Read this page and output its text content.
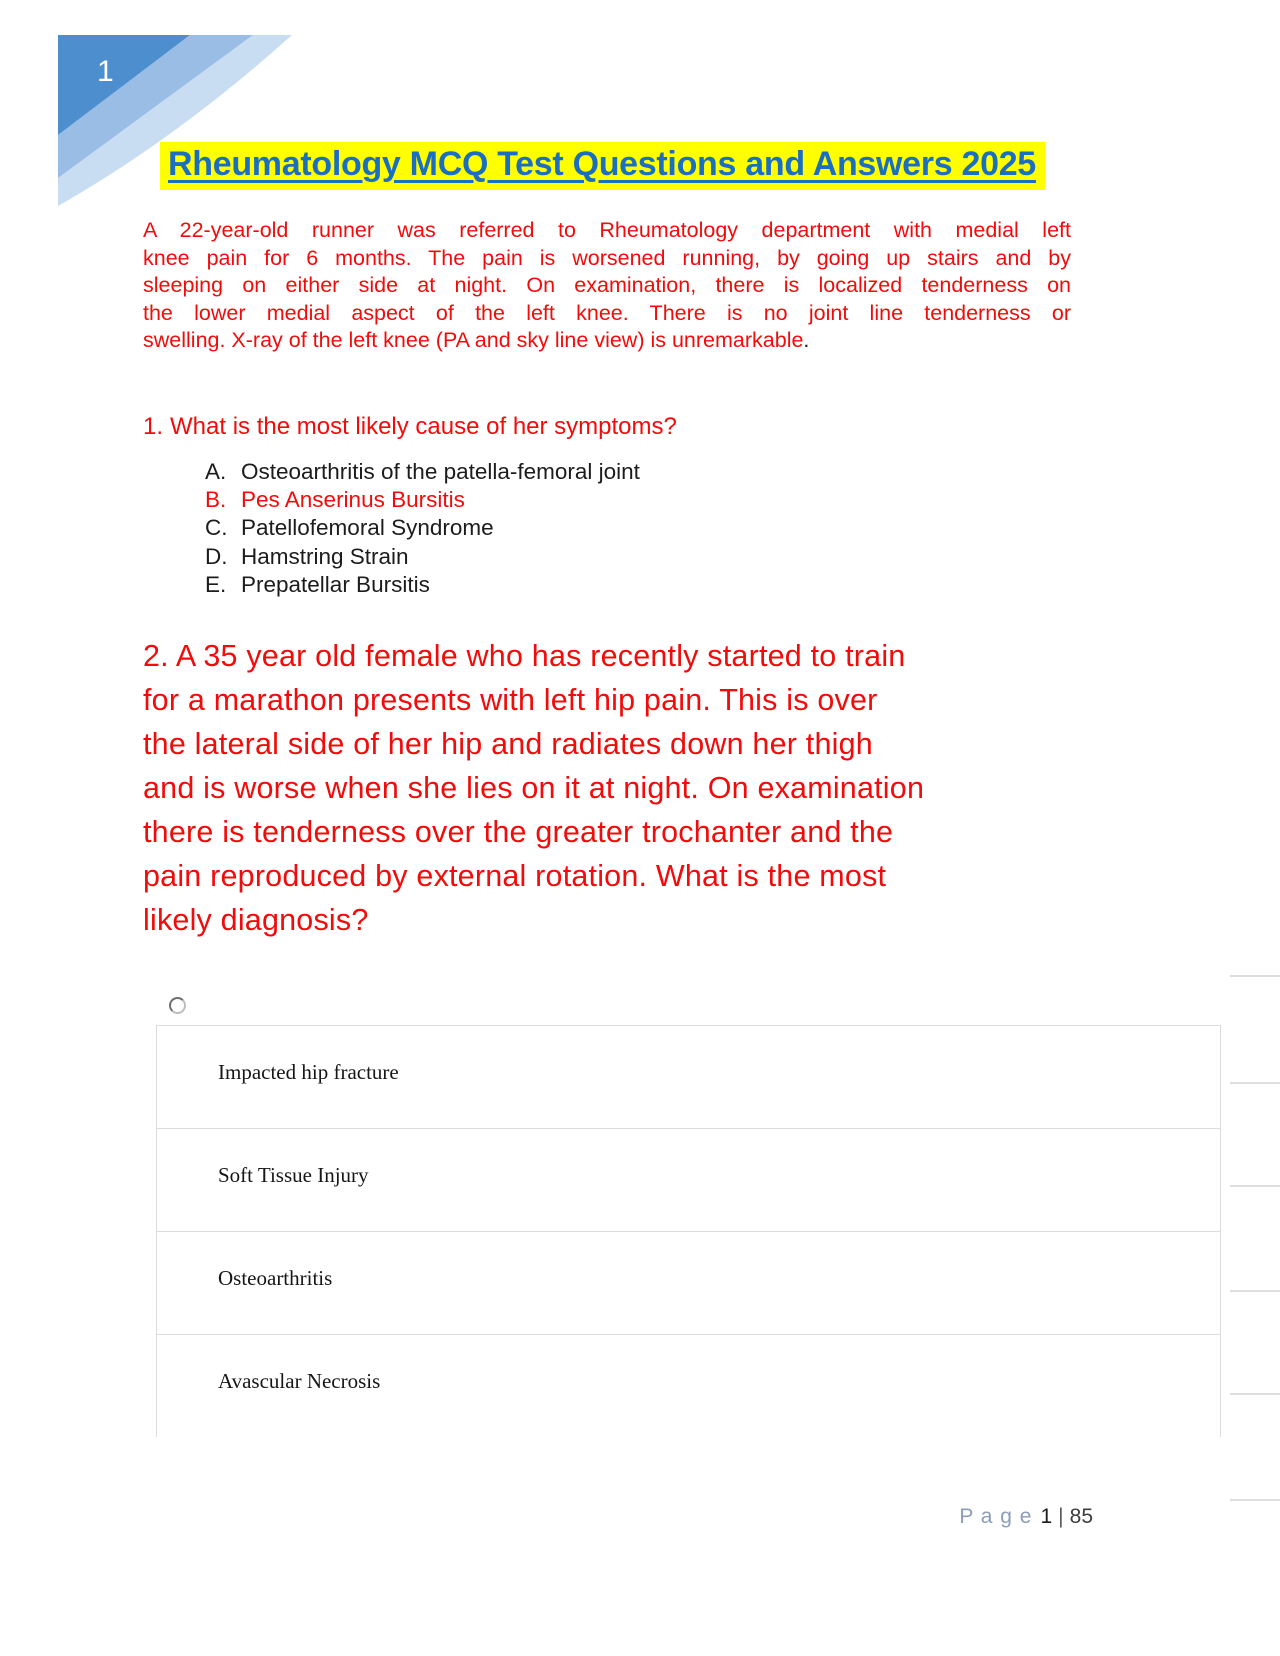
1
Rheumatology MCQ Test Questions and Answers 2025
A 22-year-old runner was referred to Rheumatology department with medial left
knee pain for 6 months. The pain is worsened running, by going up stairs and by
sleeping on either side at night. On examination, there is localized tenderness on
the lower medial aspect of the left knee. There is no joint line tenderness or
swelling. X-ray of the left knee (PA and sky line view) is unremarkable.
1. What is the most likely cause of her symptoms?
A. Osteoarthritis of the patella-femoral joint
B. Pes Anserinus Bursitis
C. Patellofemoral Syndrome
D. Hamstring Strain
E. Prepatellar Bursitis
2. A 35 year old female who has recently started to train
for a marathon presents with left hip pain. This is over
the lateral side of her hip and radiates down her thigh
and is worse when she lies on it at night. On examination
there is tenderness over the greater trochanter and the
pain reproduced by external rotation. What is the most
likely diagnosis?
Impacted hip fracture
Soft Tissue Injury
Osteoarthritis
Avascular Necrosis
P a g e 1 | 85
